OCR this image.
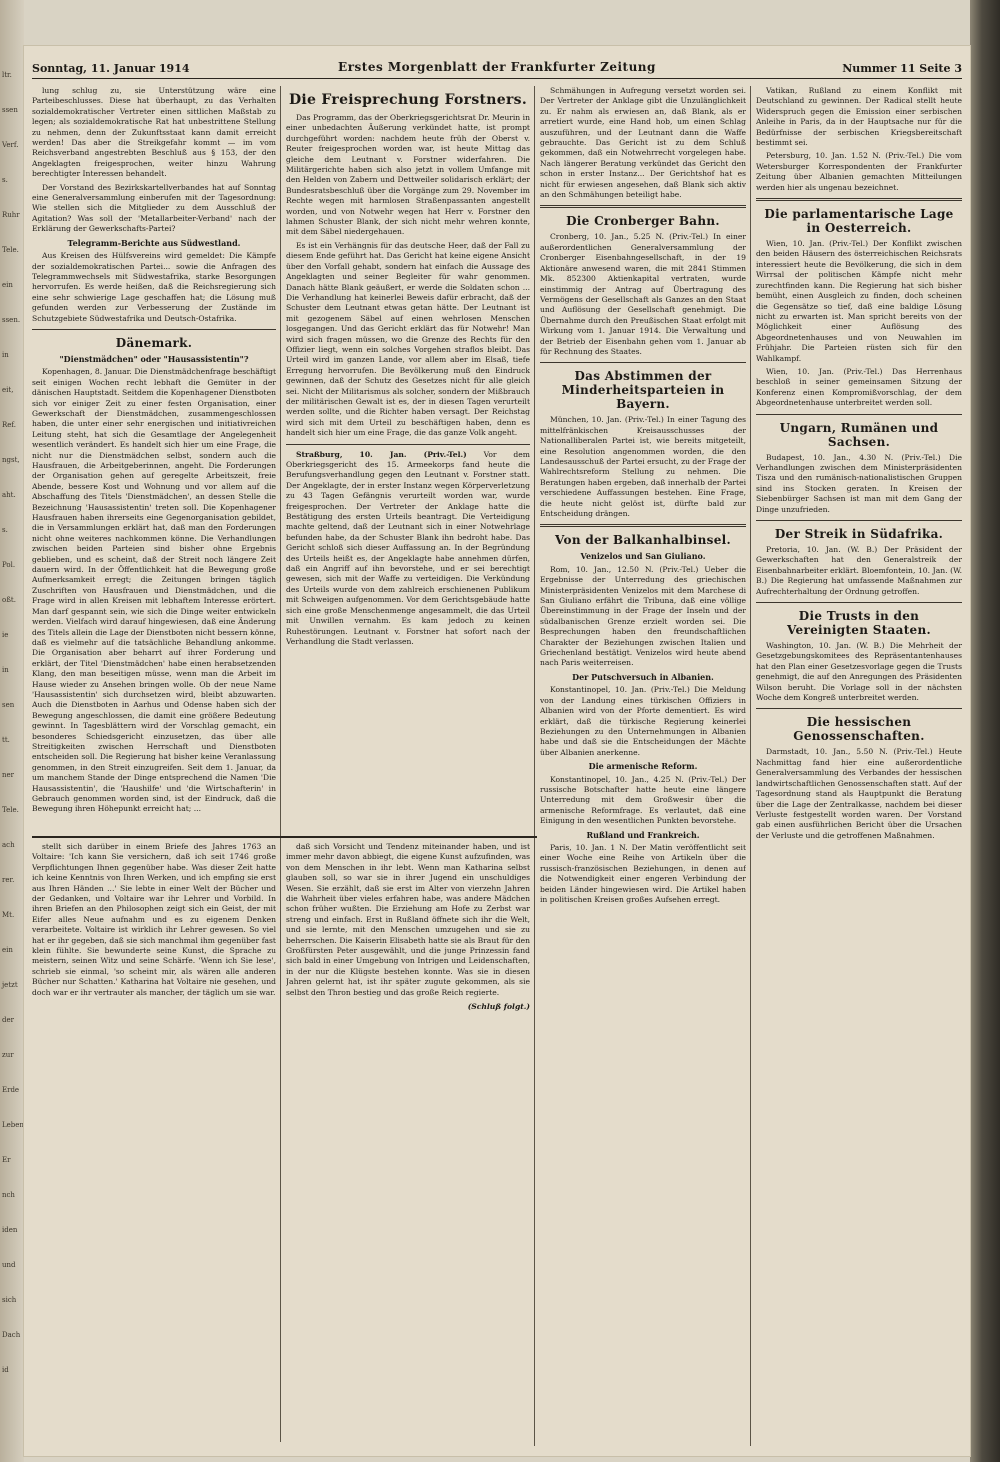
ltr.
ssen
Verf.
s.
Ruhr
Tele.
ein
ssen.
in
eit,
Ref.
ngst,
aht.
s.
Pol.
oßt.
ie
in
sen
tt.
ner
Tele.
ach
rer.
Mt.
ein
jetzt
der
zur
Erde
Leben
Er
nch
iden
und
sich
Dach
id
Sonntag, 11. Januar 1914	Erstes Morgenblatt der Frankfurter Zeitung	Nummer 11 Seite 3

lung schlug zu, sie Unterstützung wäre eine Parteibeschlusses. Diese hat überhaupt, zu das Verhalten sozialdemokratischer Vertreter einen sittlichen Maßstab zu legen; als sozialdemokratische Rat hat unbestrittene Stellung zu nehmen, denn der Zukunftsstaat kann damit erreicht werden! Das aber die Streikgefahr kommt — im vom Reichsverband angestrebten Beschluß aus § 153, der den Angeklagten freigesprochen, weiter hinzu Wahrung berechtigter Interessen behandelt.

Der Vorstand des Bezirkskartellverbandes hat auf Sonntag eine Generalversammlung einberufen mit der Tagesordnung: Wie stellen sich die Mitglieder zu dem Ausschluß der Agitation? Was soll der 'Metallarbeiter-Verband' nach der Erklärung der Gewerkschafts-Partei?

Telegramm-Berichte aus Südwestland.

Aus Kreisen des Hülfsvereins wird gemeldet: Die Kämpfe der sozialdemokratischen Partei... sowie die Anfragen des Telegrammwechsels mit Südwestafrika, starke Besorgungen hervorrufen. Es werde heißen, daß die Reichsregierung sich eine sehr schwierige Lage geschaffen hat; die Lösung muß gefunden werden zur Verbesserung der Zustände im Schutzgebiete Südwestafrika und Deutsch-Ostafrika.

Dänemark.
"Dienstmädchen" oder "Hausassistentin"?

Kopenhagen, 8. Januar. Die Dienstmädchenfrage beschäftigt seit einigen Wochen recht lebhaft die Gemüter in der dänischen Hauptstadt. Seitdem die Kopenhagener Dienstboten sich vor einiger Zeit zu einer festen Organisation, einer Gewerkschaft der Dienstmädchen, zusammengeschlossen haben, die unter einer sehr energischen und initiativreichen Leitung steht, hat sich die Gesamtlage der Angelegenheit wesentlich verändert. Es handelt sich hier um eine Frage, die nicht nur die Dienstmädchen selbst, sondern auch die Hausfrauen, die Arbeitgeberinnen, angeht. Die Forderungen der Organisation gehen auf geregelte Arbeitszeit, freie Abende, bessere Kost und Wohnung und vor allem auf die Abschaffung des Titels 'Dienstmädchen', an dessen Stelle die Bezeichnung 'Hausassistentin' treten soll. Die Kopenhagener Hausfrauen haben ihrerseits eine Gegenorganisation gebildet, die in Versammlungen erklärt hat, daß man den Forderungen nicht ohne weiteres nachkommen könne. Die Verhandlungen zwischen beiden Parteien sind bisher ohne Ergebnis geblieben, und es scheint, daß der Streit noch längere Zeit dauern wird. In der Öffentlichkeit hat die Bewegung große Aufmerksamkeit erregt; die Zeitungen bringen täglich Zuschriften von Hausfrauen und Dienstmädchen, und die Frage wird in allen Kreisen mit lebhaftem Interesse erörtert. Man darf gespannt sein, wie sich die Dinge weiter entwickeln werden. Vielfach wird darauf hingewiesen, daß eine Änderung des Titels allein die Lage der Dienstboten nicht bessern könne, daß es vielmehr auf die tatsächliche Behandlung ankomme. Die Organisation aber beharrt auf ihrer Forderung und erklärt, der Titel 'Dienstmädchen' habe einen herabsetzenden Klang, den man beseitigen müsse, wenn man die Arbeit im Hause wieder zu Ansehen bringen wolle. Ob der neue Name 'Hausassistentin' sich durchsetzen wird, bleibt abzuwarten. Auch die Dienstboten in Aarhus und Odense haben sich der Bewegung angeschlossen, die damit eine größere Bedeutung gewinnt. In Tagesblättern wird der Vorschlag gemacht, ein besonderes Schiedsgericht einzusetzen, das über alle Streitigkeiten zwischen Herrschaft und Dienstboten entscheiden soll. Die Regierung hat bisher keine Veranlassung genommen, in den Streit einzugreifen. Seit dem 1. Januar, da um manchem Stande der Dinge entsprechend die Namen 'Die Hausassistentin', die 'Haushilfe' und 'die Wirtschafterin' in Gebrauch genommen worden sind, ist der Eindruck, daß die Bewegung ihren Höhepunkt erreicht hat; ...

Die Freisprechung Forstners.

Das Programm, das der Oberkriegsgerichtsrat Dr. Meurin in einer unbedachten Äußerung verkündet hatte, ist prompt durchgeführt worden: nachdem heute früh der Oberst v. Reuter freigesprochen worden war, ist heute Mittag das gleiche dem Leutnant v. Forstner widerfahren. Die Militärgerichte haben sich also jetzt in vollem Umfange mit den Helden von Zabern und Dettweiler solidarisch erklärt; der Bundesratsbeschluß über die Vorgänge zum 29. November im Rechte wegen mit harmlosen Straßenpassanten angestellt worden, und von Notwehr wegen hat Herr v. Forstner den lahmen Schuster Blank, der sich nicht mehr wehren konnte, mit dem Säbel niedergehauen.

Es ist ein Verhängnis für das deutsche Heer, daß der Fall zu diesem Ende geführt hat. Das Gericht hat keine eigene Ansicht über den Vorfall gehabt, sondern hat einfach die Aussage des Angeklagten und seiner Begleiter für wahr genommen. Danach hätte Blank geäußert, er werde die Soldaten schon ... Die Verhandlung hat keinerlei Beweis dafür erbracht, daß der Schuster dem Leutnant etwas getan hätte. Der Leutnant ist mit gezogenem Säbel auf einen wehrlosen Menschen losgegangen. Und das Gericht erklärt das für Notwehr! Man wird sich fragen müssen, wo die Grenze des Rechts für den Offizier liegt, wenn ein solches Vorgehen straflos bleibt. Das Urteil wird im ganzen Lande, vor allem aber im Elsaß, tiefe Erregung hervorrufen. Die Bevölkerung muß den Eindruck gewinnen, daß der Schutz des Gesetzes nicht für alle gleich sei. Nicht der Militarismus als solcher, sondern der Mißbrauch der militärischen Gewalt ist es, der in diesen Tagen verurteilt werden sollte, und die Richter haben versagt. Der Reichstag wird sich mit dem Urteil zu beschäftigen haben, denn es handelt sich hier um eine Frage, die das ganze Volk angeht.

Straßburg, 10. Jan. (Priv.-Tel.) Vor dem Oberkriegsgericht des 15. Armeekorps fand heute die Berufungsverhandlung gegen den Leutnant v. Forstner statt. Der Angeklagte, der in erster Instanz wegen Körperverletzung zu 43 Tagen Gefängnis verurteilt worden war, wurde freigesprochen. Der Vertreter der Anklage hatte die Bestätigung des ersten Urteils beantragt. Die Verteidigung machte geltend, daß der Leutnant sich in einer Notwehrlage befunden habe, da der Schuster Blank ihn bedroht habe. Das Gericht schloß sich dieser Auffassung an. In der Begründung des Urteils heißt es, der Angeklagte habe annehmen dürfen, daß ein Angriff auf ihn bevorstehe, und er sei berechtigt gewesen, sich mit der Waffe zu verteidigen. Die Verkündung des Urteils wurde von dem zahlreich erschienenen Publikum mit Schweigen aufgenommen. Vor dem Gerichtsgebäude hatte sich eine große Menschenmenge angesammelt, die das Urteil mit Unwillen vernahm. Es kam jedoch zu keinen Ruhestörungen. Leutnant v. Forstner hat sofort nach der Verhandlung die Stadt verlassen.

Schmähungen in Aufregung versetzt worden sei. Der Vertreter der Anklage gibt die Unzulänglichkeit zu. Er nahm als erwiesen an, daß Blank, als er arretiert wurde, eine Hand hob, um einen Schlag auszuführen, und der Leutnant dann die Waffe gebrauchte. Das Gericht ist zu dem Schluß gekommen, daß ein Notwehrrecht vorgelegen habe. Nach längerer Beratung verkündet das Gericht den schon in erster Instanz... Der Gerichtshof hat es nicht für erwiesen angesehen, daß Blank sich aktiv an den Schmähungen beteiligt habe.

Die Cronberger Bahn.

Cronberg, 10. Jan., 5.25 N. (Priv.-Tel.) In einer außerordentlichen Generalversammlung der Cronberger Eisenbahngesellschaft, in der 19 Aktionäre anwesend waren, die mit 2841 Stimmen Mk. 852300 Aktienkapital vertraten, wurde einstimmig der Antrag auf Übertragung des Vermögens der Gesellschaft als Ganzes an den Staat und Auflösung der Gesellschaft genehmigt. Die Übernahme durch den Preußischen Staat erfolgt mit Wirkung vom 1. Januar 1914. Die Verwaltung und der Betrieb der Eisenbahn gehen vom 1. Januar ab für Rechnung des Staates.

Das Abstimmen der Minderheitsparteien in Bayern.

München, 10. Jan. (Priv.-Tel.) In einer Tagung des mittelfränkischen Kreisausschusses der Nationalliberalen Partei ist, wie bereits mitgeteilt, eine Resolution angenommen worden, die den Landesausschuß der Partei ersucht, zu der Frage der Wahlrechtsreform Stellung zu nehmen. Die Beratungen haben ergeben, daß innerhalb der Partei verschiedene Auffassungen bestehen. Eine Frage, die heute nicht gelöst ist, dürfte bald zur Entscheidung drängen.

Von der Balkanhalbinsel.
Venizelos und San Giuliano.

Rom, 10. Jan., 12.50 N. (Priv.-Tel.) Ueber die Ergebnisse der Unterredung des griechischen Ministerpräsidenten Venizelos mit dem Marchese di San Giuliano erfährt die Tribuna, daß eine völlige Übereinstimmung in der Frage der Inseln und der südalbanischen Grenze erzielt worden sei. Die Besprechungen haben den freundschaftlichen Charakter der Beziehungen zwischen Italien und Griechenland bestätigt. Venizelos wird heute abend nach Paris weiterreisen.

Der Putschversuch in Albanien.

Konstantinopel, 10. Jan. (Priv.-Tel.) Die Meldung von der Landung eines türkischen Offiziers in Albanien wird von der Pforte dementiert. Es wird erklärt, daß die türkische Regierung keinerlei Beziehungen zu den Unternehmungen in Albanien habe und daß sie die Entscheidungen der Mächte über Albanien anerkenne.

Die armenische Reform.

Konstantinopel, 10. Jan., 4.25 N. (Priv.-Tel.) Der russische Botschafter hatte heute eine längere Unterredung mit dem Großwesir über die armenische Reformfrage. Es verlautet, daß eine Einigung in den wesentlichen Punkten bevorstehe.

Rußland und Frankreich.

Paris, 10. Jan. 1 N. Der Matin veröffentlicht seit einer Woche eine Reihe von Artikeln über die russisch-französischen Beziehungen, in denen auf die Notwendigkeit einer engeren Verbindung der beiden Länder hingewiesen wird. Die Artikel haben in politischen Kreisen großes Aufsehen erregt.

Vatikan, Rußland zu einem Konflikt mit Deutschland zu gewinnen. Der Radical stellt heute Widerspruch gegen die Emission einer serbischen Anleihe in Paris, da in der Hauptsache nur für die Bedürfnisse der serbischen Kriegsbereitschaft bestimmt sei.

Petersburg, 10. Jan. 1.52 N. (Priv.-Tel.) Die vom Wetersburger Korrespondenten der Frankfurter Zeitung über Albanien gemachten Mitteilungen werden hier als ungenau bezeichnet.

Die parlamentarische Lage in Oesterreich.

Wien, 10. Jan. (Priv.-Tel.) Der Konflikt zwischen den beiden Häusern des österreichischen Reichsrats interessiert heute die Bevölkerung, die sich in dem Wirrsal der politischen Kämpfe nicht mehr zurechtfinden kann. Die Regierung hat sich bisher bemüht, einen Ausgleich zu finden, doch scheinen die Gegensätze so tief, daß eine baldige Lösung nicht zu erwarten ist. Man spricht bereits von der Möglichkeit einer Auflösung des Abgeordnetenhauses und von Neuwahlen im Frühjahr. Die Parteien rüsten sich für den Wahlkampf.

Wien, 10. Jan. (Priv.-Tel.) Das Herrenhaus beschloß in seiner gemeinsamen Sitzung der Konferenz einen Kompromißvorschlag, der dem Abgeordnetenhause unterbreitet werden soll.

Ungarn, Rumänen und Sachsen.

Budapest, 10. Jan., 4.30 N. (Priv.-Tel.) Die Verhandlungen zwischen dem Ministerpräsidenten Tisza und den rumänisch-nationalistischen Gruppen sind ins Stocken geraten. In Kreisen der Siebenbürger Sachsen ist man mit dem Gang der Dinge unzufrieden.

Der Streik in Südafrika.

Pretoria, 10. Jan. (W. B.) Der Präsident der Gewerkschaften hat den Generalstreik der Eisenbahnarbeiter erklärt. Bloemfontein, 10. Jan. (W. B.) Die Regierung hat umfassende Maßnahmen zur Aufrechterhaltung der Ordnung getroffen.

Die Trusts in den Vereinigten Staaten.

Washington, 10. Jan. (W. B.) Die Mehrheit der Gesetzgebungskomitees des Repräsentantenhauses hat den Plan einer Gesetzesvorlage gegen die Trusts genehmigt, die auf den Anregungen des Präsidenten Wilson beruht. Die Vorlage soll in der nächsten Woche dem Kongreß unterbreitet werden.

Die hessischen Genossenschaften.

Darmstadt, 10. Jan., 5.50 N. (Priv.-Tel.) Heute Nachmittag fand hier eine außerordentliche Generalversammlung des Verbandes der hessischen landwirtschaftlichen Genossenschaften statt. Auf der Tagesordnung stand als Hauptpunkt die Beratung über die Lage der Zentralkasse, nachdem bei dieser Verluste festgestellt worden waren. Der Vorstand gab einen ausführlichen Bericht über die Ursachen der Verluste und die getroffenen Maßnahmen.

stellt sich darüber in einem Briefe des Jahres 1763 an Voltaire: 'Ich kann Sie versichern, daß ich seit 1746 große Verpflichtungen Ihnen gegenüber habe. Was dieser Zeit hatte ich keine Kenntnis von Ihren Werken, und ich empfing sie erst aus Ihren Händen ...' Sie lebte in einer Welt der Bücher und der Gedanken, und Voltaire war ihr Lehrer und Vorbild. In ihren Briefen an den Philosophen zeigt sich ein Geist, der mit Eifer alles Neue aufnahm und es zu eigenem Denken verarbeitete. Voltaire ist wirklich ihr Lehrer gewesen. So viel hat er ihr gegeben, daß sie sich manchmal ihm gegenüber fast klein fühlte. Sie bewunderte seine Kunst, die Sprache zu meistern, seinen Witz und seine Schärfe. 'Wenn ich Sie lese', schrieb sie einmal, 'so scheint mir, als wären alle anderen Bücher nur Schatten.' Katharina hat Voltaire nie gesehen, und doch war er ihr vertrauter als mancher, der täglich um sie war.

daß sich Vorsicht und Tendenz miteinander haben, und ist immer mehr davon abbiegt, die eigene Kunst aufzufinden, was von dem Menschen in ihr lebt. Wenn man Katharina selbst glauben soll, so war sie in ihrer Jugend ein unschuldiges Wesen. Sie erzählt, daß sie erst im Alter von vierzehn Jahren die Wahrheit über vieles erfahren habe, was andere Mädchen schon früher wußten. Die Erziehung am Hofe zu Zerbst war streng und einfach. Erst in Rußland öffnete sich ihr die Welt, und sie lernte, mit den Menschen umzugehen und sie zu beherrschen. Die Kaiserin Elisabeth hatte sie als Braut für den Großfürsten Peter ausgewählt, und die junge Prinzessin fand sich bald in einer Umgebung von Intrigen und Leidenschaften, in der nur die Klügste bestehen konnte. Was sie in diesen Jahren gelernt hat, ist ihr später zugute gekommen, als sie selbst den Thron bestieg und das große Reich regierte.

(Schluß folgt.)
